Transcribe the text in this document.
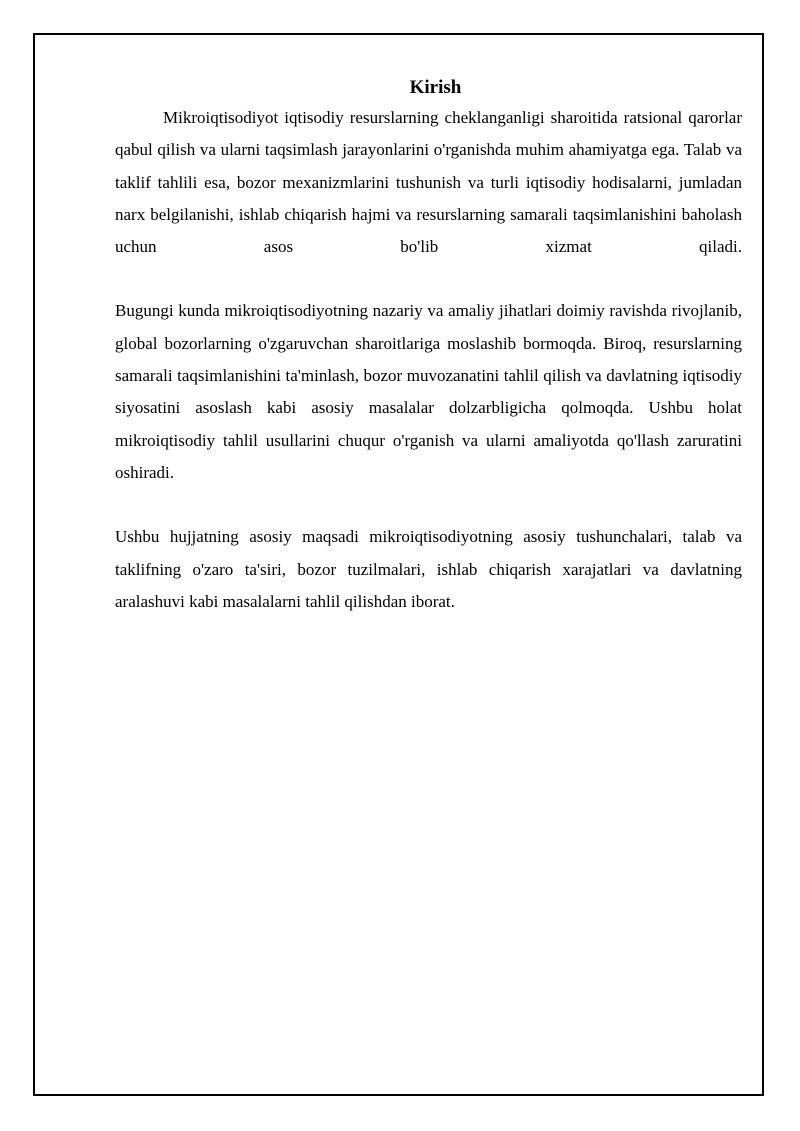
Kirish

Mikroiqtisodiyot iqtisodiy resurslarning cheklanganligi sharoitida ratsional qarorlar qabul qilish va ularni taqsimlash jarayonlarini o'rganishda muhim ahamiyatga ega. Talab va taklif tahlili esa, bozor mexanizmlarini tushunish va turli iqtisodiy hodisalarni, jumladan narx belgilanishi, ishlab chiqarish hajmi va resurslarning samarali taqsimlanishini baholash uchun asos bo'lib xizmat qiladi.

Bugungi kunda mikroiqtisodiyotning nazariy va amaliy jihatlari doimiy ravishda rivojlanib, global bozorlarning o'zgaruvchan sharoitlariga moslashib bormoqda. Biroq, resurslarning samarali taqsimlanishini ta'minlash, bozor muvozanatini tahlil qilish va davlatning iqtisodiy siyosatini asoslash kabi asosiy masalalar dolzarbligicha qolmoqda. Ushbu holat mikroiqtisodiy tahlil usullarini chuqur o'rganish va ularni amaliyotda qo'llash zaruratini oshiradi.

Ushbu hujjatning asosiy maqsadi mikroiqtisodiyotning asosiy tushunchalari, talab va taklifning o'zaro ta'siri, bozor tuzilmalari, ishlab chiqarish xarajatlari va davlatning aralashuvi kabi masalalarni tahlil qilishdan iborat.
